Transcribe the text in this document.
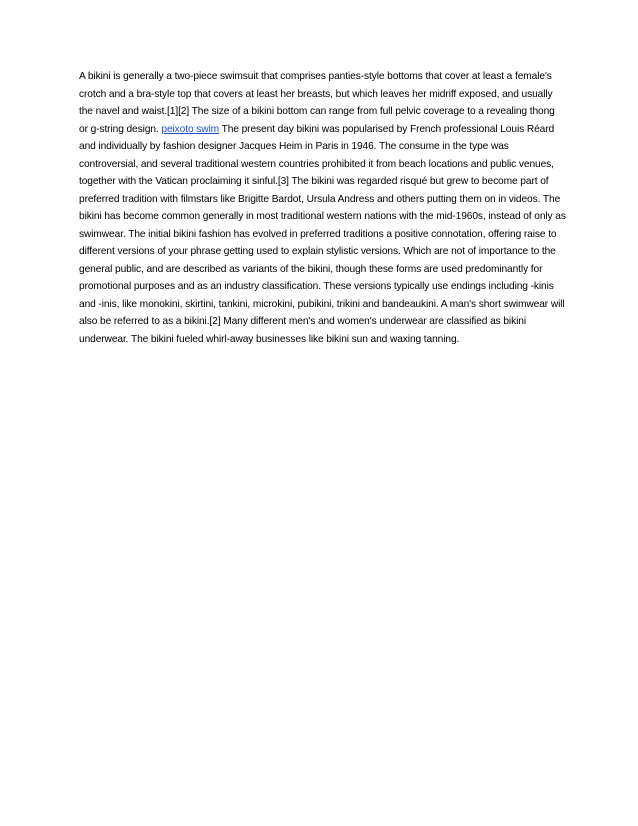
A bikini is generally a two-piece swimsuit that comprises panties-style bottoms that cover at least a female's crotch and a bra-style top that covers at least her breasts, but which leaves her midriff exposed, and usually the navel and waist.[1][2] The size of a bikini bottom can range from full pelvic coverage to a revealing thong or g-string design. peixoto swim The present day bikini was popularised by French professional Louis Réard and individually by fashion designer Jacques Heim in Paris in 1946. The consume in the type was controversial, and several traditional western countries prohibited it from beach locations and public venues, together with the Vatican proclaiming it sinful.[3] The bikini was regarded risqué but grew to become part of preferred tradition with filmstars like Brigitte Bardot, Ursula Andress and others putting them on in videos. The bikini has become common generally in most traditional western nations with the mid-1960s, instead of only as swimwear. The initial bikini fashion has evolved in preferred traditions a positive connotation, offering raise to different versions of your phrase getting used to explain stylistic versions. Which are not of importance to the general public, and are described as variants of the bikini, though these forms are used predominantly for promotional purposes and as an industry classification. These versions typically use endings including -kinis and -inis, like monokini, skirtini, tankini, microkini, pubikini, trikini and bandeaukini. A man's short swimwear will also be referred to as a bikini.[2] Many different men's and women's underwear are classified as bikini underwear. The bikini fueled whirl-away businesses like bikini sun and waxing tanning.
